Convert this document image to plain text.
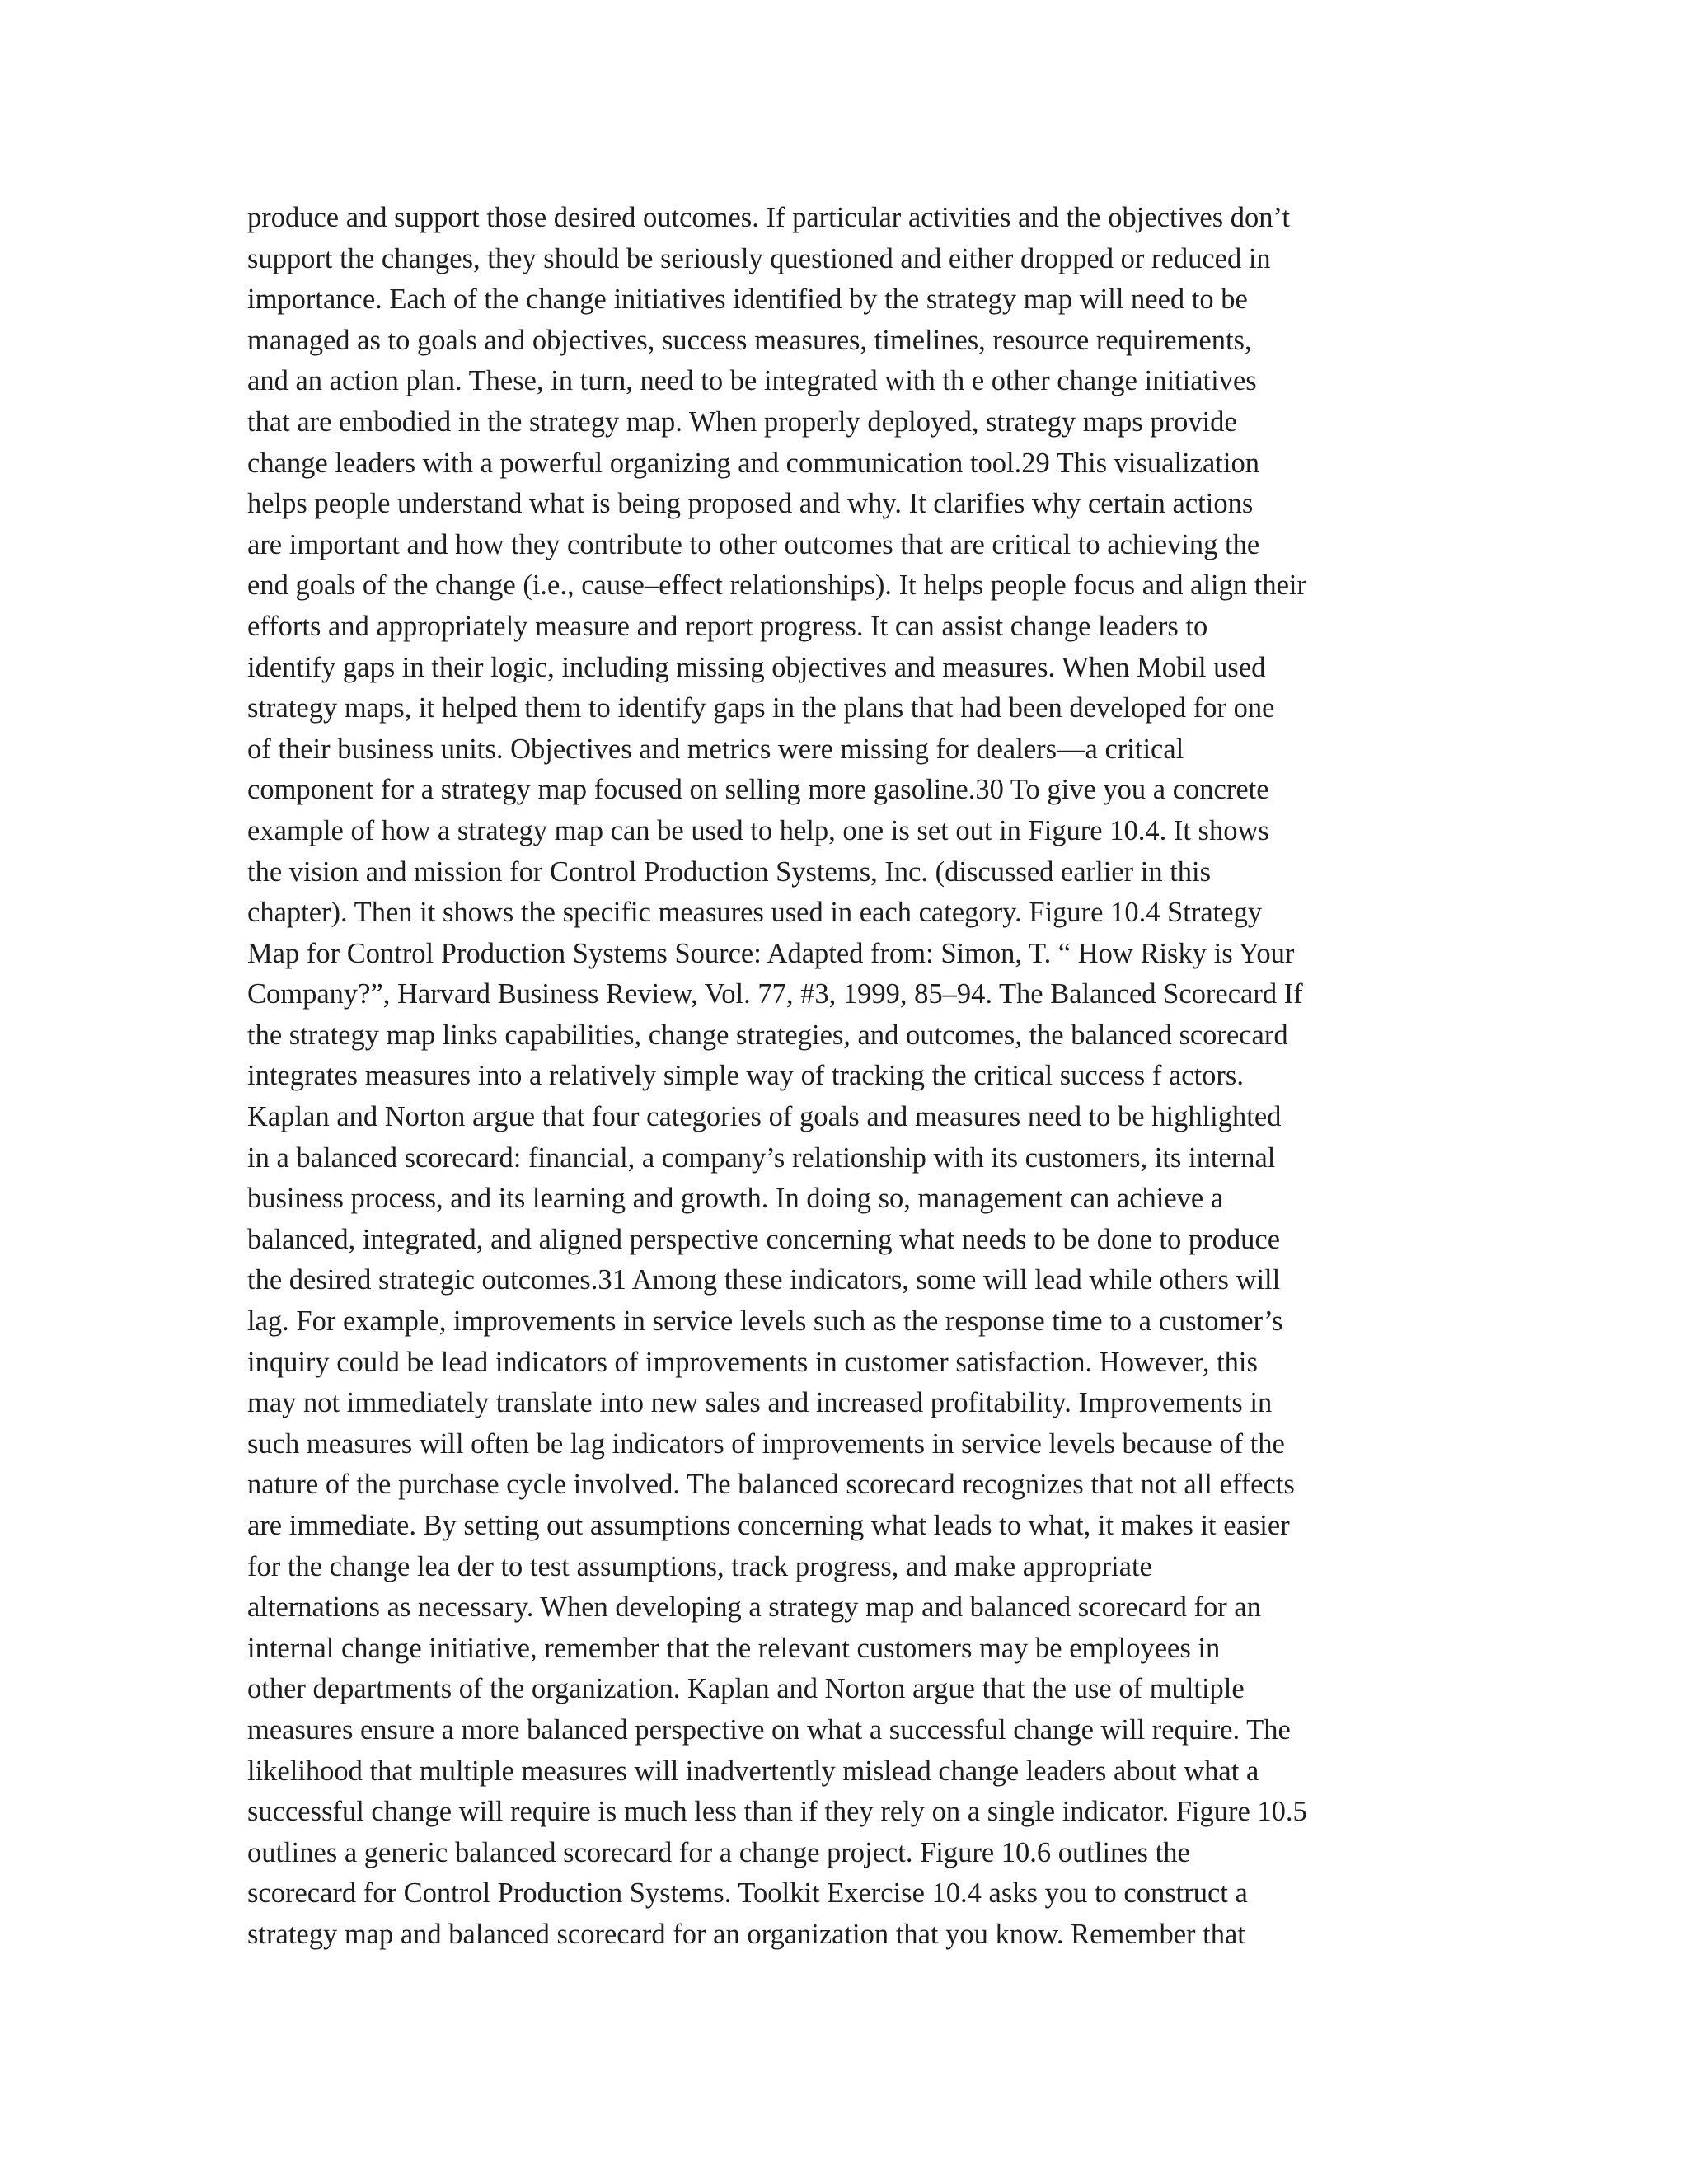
produce and support those desired outcomes. If particular activities and the objectives don’t
support the changes, they should be seriously questioned and either dropped or reduced in
importance. Each of the change initiatives identified by the strategy map will need to be
managed as to goals and objectives, success measures, timelines, resource requirements,
and an action plan. These, in turn, need to be integrated with th e other change initiatives
that are embodied in the strategy map. When properly deployed, strategy maps provide
change leaders with a powerful organizing and communication tool.29 This visualization
helps people understand what is being proposed and why. It clarifies why certain actions
are important and how they contribute to other outcomes that are critical to achieving the
end goals of the change (i.e., cause–effect relationships). It helps people focus and align their
efforts and appropriately measure and report progress. It can assist change leaders to
identify gaps in their logic, including missing objectives and measures. When Mobil used
strategy maps, it helped them to identify gaps in the plans that had been developed for one
of their business units. Objectives and metrics were missing for dealers—a critical
component for a strategy map focused on selling more gasoline.30 To give you a concrete
example of how a strategy map can be used to help, one is set out in Figure 10.4. It shows
the vision and mission for Control Production Systems, Inc. (discussed earlier in this
chapter). Then it shows the specific measures used in each category. Figure 10.4 Strategy
Map for Control Production Systems Source: Adapted from: Simon, T. “ How Risky is Your
Company?”, Harvard Business Review, Vol. 77, #3, 1999, 85–94. The Balanced Scorecard If
the strategy map links capabilities, change strategies, and outcomes, the balanced scorecard
integrates measures into a relatively simple way of tracking the critical success f actors.
Kaplan and Norton argue that four categories of goals and measures need to be highlighted
in a balanced scorecard: financial, a company’s relationship with its customers, its internal
business process, and its learning and growth. In doing so, management can achieve a
balanced, integrated, and aligned perspective concerning what needs to be done to produce
the desired strategic outcomes.31 Among these indicators, some will lead while others will
lag. For example, improvements in service levels such as the response time to a customer’s
inquiry could be lead indicators of improvements in customer satisfaction. However, this
may not immediately translate into new sales and increased profitability. Improvements in
such measures will often be lag indicators of improvements in service levels because of the
nature of the purchase cycle involved. The balanced scorecard recognizes that not all effects
are immediate. By setting out assumptions concerning what leads to what, it makes it easier
for the change lea der to test assumptions, track progress, and make appropriate
alternations as necessary. When developing a strategy map and balanced scorecard for an
internal change initiative, remember that the relevant customers may be employees in
other departments of the organization. Kaplan and Norton argue that the use of multiple
measures ensure a more balanced perspective on what a successful change will require. The
likelihood that multiple measures will inadvertently mislead change leaders about what a
successful change will require is much less than if they rely on a single indicator. Figure 10.5
outlines a generic balanced scorecard for a change project. Figure 10.6 outlines the
scorecard for Control Production Systems. Toolkit Exercise 10.4 asks you to construct a
strategy map and balanced scorecard for an organization that you know. Remember that
